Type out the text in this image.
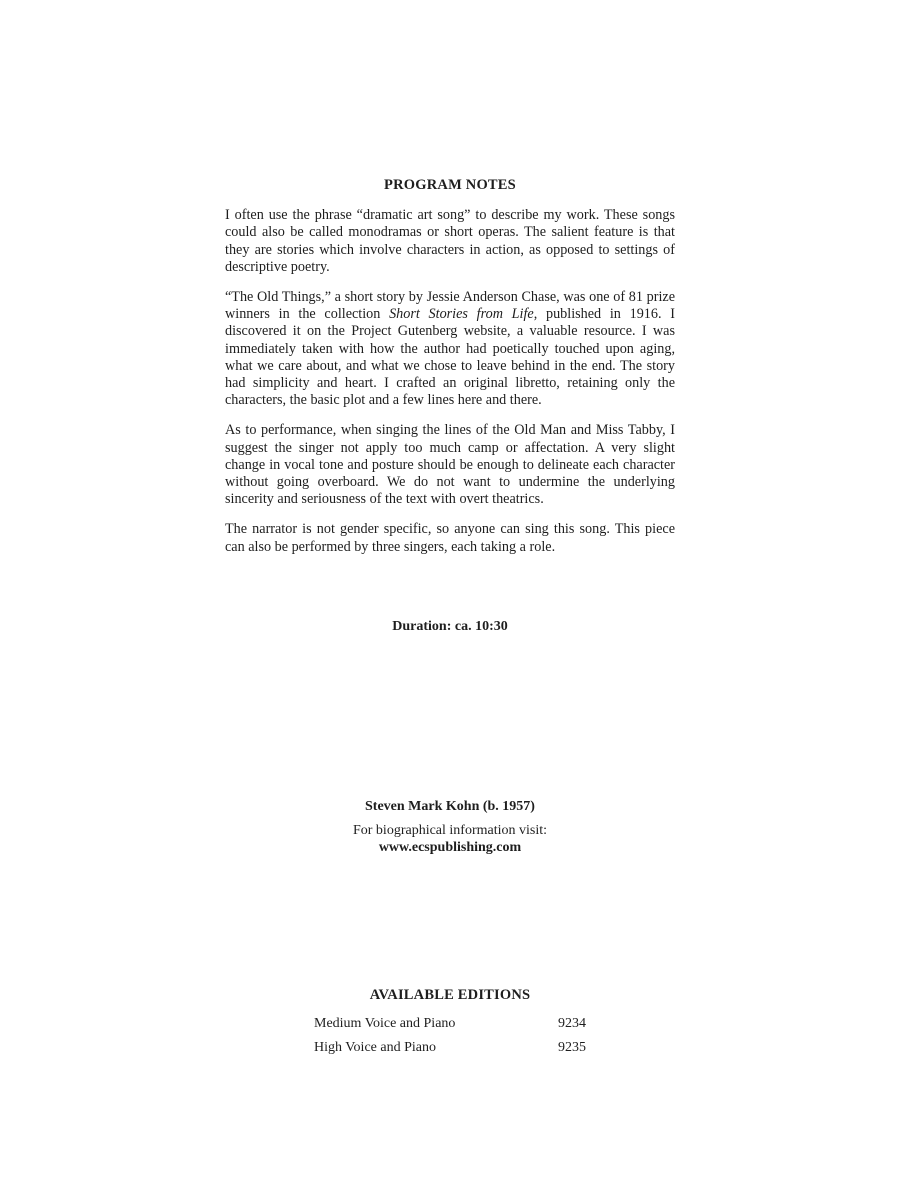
PROGRAM NOTES

I often use the phrase “dramatic art song” to describe my work. These songs could also be called monodramas or short operas. The salient feature is that they are stories which involve characters in action, as opposed to settings of descriptive poetry.

“The Old Things,” a short story by Jessie Anderson Chase, was one of 81 prize winners in the collection Short Stories from Life, published in 1916. I discovered it on the Project Gutenberg website, a valuable resource. I was immediately taken with how the author had poetically touched upon aging, what we care about, and what we chose to leave behind in the end. The story had simplicity and heart. I crafted an original libretto, retaining only the characters, the basic plot and a few lines here and there.

As to performance, when singing the lines of the Old Man and Miss Tabby, I suggest the singer not apply too much camp or affectation. A very slight change in vocal tone and posture should be enough to delineate each character without going overboard. We do not want to undermine the underlying sincerity and seriousness of the text with overt theatrics.

The narrator is not gender specific, so anyone can sing this song. This piece can also be performed by three singers, each taking a role.

Duration: ca. 10:30
Steven Mark Kohn (b. 1957)
For biographical information visit:
www.ecspublishing.com
AVAILABLE EDITIONS
Medium Voice and Piano	9234
High Voice and Piano	9235
